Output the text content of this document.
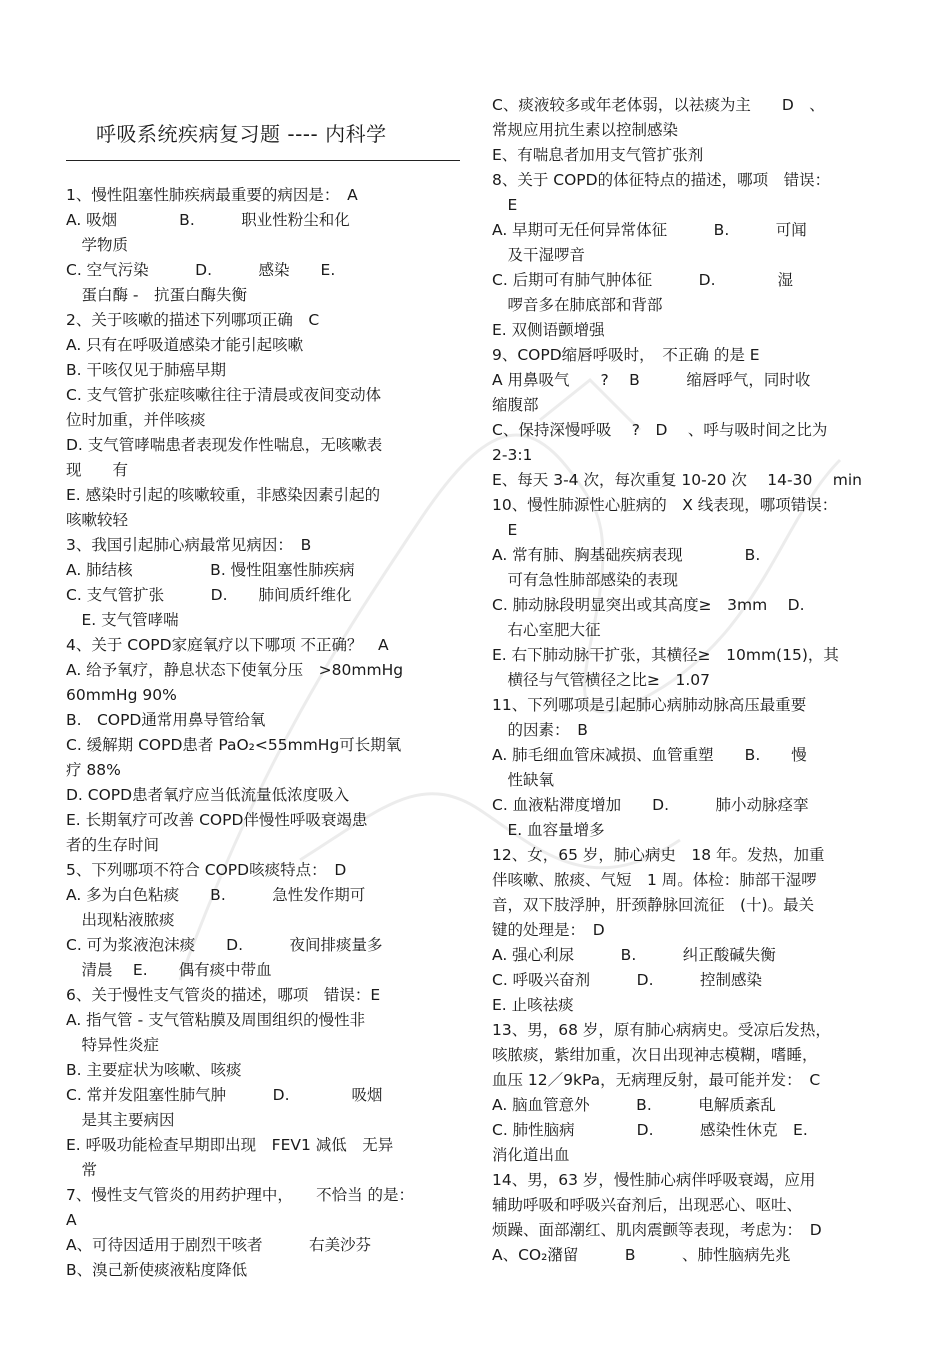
呼吸系统疾病复习题 ---- 内科学
1、慢性阻塞性肺疾病最重要的病因是：　A
A. 吸烟　　　　B.　　　职业性粉尘和化
　学物质
C. 空气污染　　　D.　　　感染　　E.
　蛋白酶 -　抗蛋白酶失衡
2、关于咳嗽的描述下列哪项正确　C
A. 只有在呼吸道感染才能引起咳嗽
B. 干咳仅见于肺癌早期
C. 支气管扩张症咳嗽往往于清晨或夜间变动体
位时加重，并伴咳痰
D. 支气管哮喘患者表现发作性喘息，无咳嗽表
现　　有
E. 感染时引起的咳嗽较重，非感染因素引起的
咳嗽较轻
3、我国引起肺心病最常见病因：　B
A. 肺结核　　　　　B. 慢性阻塞性肺疾病
C. 支气管扩张　　　D.　　肺间质纤维化
　E. 支气管哮喘
4、关于 COPD家庭氧疗以下哪项 不正确？　A
A. 给予氧疗，静息状态下使氧分压　>80mmHg
60mmHg 90%
B.　COPD通常用鼻导管给氧
C. 缓解期 COPD患者 PaO₂<55mmHg可长期氧
疗 88%
D. COPD患者氧疗应当低流量低浓度吸入
E. 长期氧疗可改善 COPD伴慢性呼吸衰竭患
者的生存时间
5、下列哪项不符合 COPD咳痰特点：　D
A. 多为白色粘痰　　B.　　　急性发作期可
　出现粘液脓痰
C. 可为浆液泡沫痰　　D.　　　夜间排痰量多
　清晨　 E.　　偶有痰中带血
6、关于慢性支气管炎的描述，哪项　错误：E
A. 指气管 - 支气管粘膜及周围组织的慢性非
　特异性炎症
B. 主要症状为咳嗽、咳痰
C. 常并发阻塞性肺气肿　　　D.　　　　吸烟
　是其主要病因
E. 呼吸功能检查早期即出现　FEV1 减低　无异
　常
7、慢性支气管炎的用药护理中，　　不恰当 的是：
A
A、可待因适用于剧烈干咳者　　　右美沙芬
B、溴己新使痰液粘度降低
C、痰液较多或年老体弱，以祛痰为主　　D　、
常规应用抗生素以控制感染
E、有喘息者加用支气管扩张剂
8、关于 COPD的体征特点的描述，哪项　错误：
　E
A. 早期可无任何异常体征　　　B.　　　可闻
　及干湿啰音
C. 后期可有肺气肿体征　　　D.　　　　湿
　啰音多在肺底部和背部
E. 双侧语颤增强
9、COPD缩唇呼吸时，　不正确 的是 E
A 用鼻吸气　　?　 B　　　缩唇呼气，同时收
缩腹部
C、保持深慢呼吸　 ?　D　 、呼与吸时间之比为
2-3:1
E、每天 3-4 次，每次重复 10-20 次　 14-30　 min
10、慢性肺源性心脏病的　X 线表现，哪项错误：
　E
A. 常有肺、胸基础疾病表现　　　　B.
　可有急性肺部感染的表现
C. 肺动脉段明显突出或其高度≥　3mm　 D.
　右心室肥大征
E. 右下肺动脉干扩张，其横径≥　10mm(15)，其
　横径与气管横径之比≥　1.07
11、下列哪项是引起肺心病肺动脉高压最重要
　的因素：　B
A. 肺毛细血管床减损、血管重塑　　B.　　慢
　性缺氧
C. 血液粘滞度增加　　D.　　　肺小动脉痉挛
　E. 血容量增多
12、女，65 岁，肺心病史　18 年。发热，加重
伴咳嗽、脓痰、气短　1 周。体检：肺部干湿啰
音，双下肢浮肿，肝颈静脉回流征　(十)。最关
键的处理是：　D
A. 强心利尿　　　B.　　　纠正酸碱失衡
C. 呼吸兴奋剂　　　D.　　　控制感染
E. 止咳祛痰
13、男，68 岁，原有肺心病病史。受凉后发热，
咳脓痰，紫绀加重，次日出现神志模糊，嗜睡，
血压 12／9kPa，无病理反射，最可能并发：　C
A. 脑血管意外　　　B.　　　电解质紊乱
C. 肺性脑病　　　　D.　　　感染性休克　E.
消化道出血
14、男，63 岁，慢性肺心病伴呼吸衰竭，应用
辅助呼吸和呼吸兴奋剂后，出现恶心、呕吐、
烦躁、面部潮红、肌肉震颤等表现，考虑为：　D
A、CO₂潴留　　　B　　　、肺性脑病先兆
